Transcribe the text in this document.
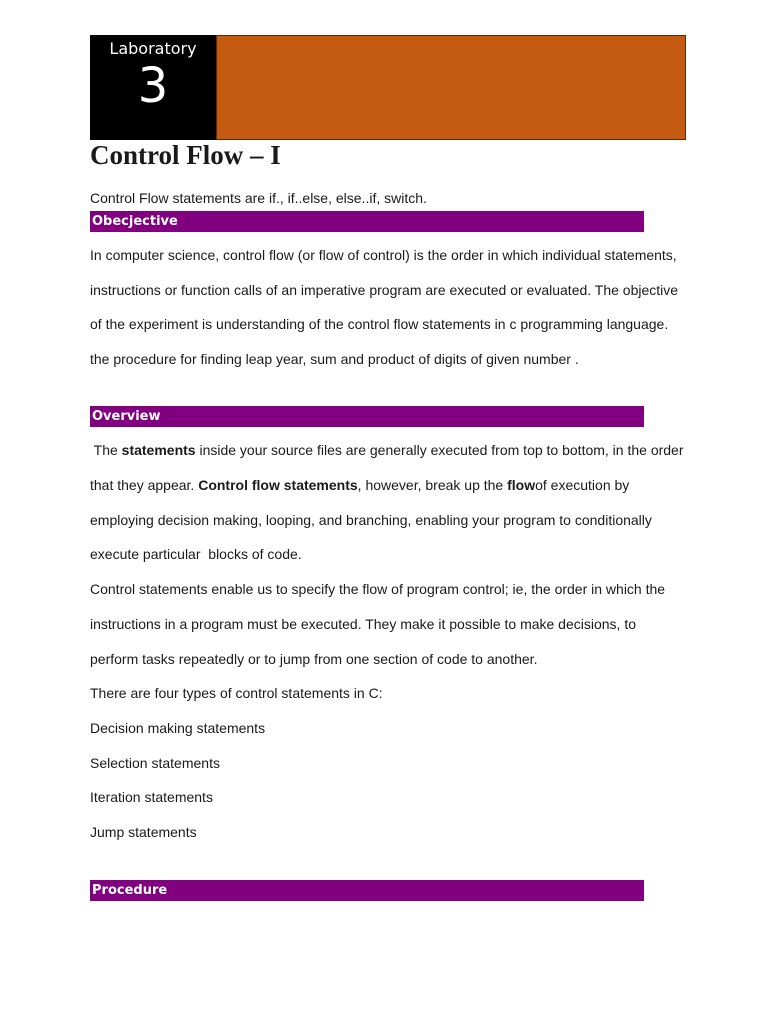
Laboratory
3
Control Flow – I

Control Flow statements are if., if..else, else..if, switch.

Obecjective

In computer science, control flow (or flow of control) is the order in which individual statements,

instructions or function calls of an imperative program are executed or evaluated. The objective

of the experiment is understanding of the control flow statements in c programming language.

the procedure for finding leap year, sum and product of digits of given number .

Overview

The statements inside your source files are generally executed from top to bottom, in the order

that they appear. Control flow statements, however, break up the flowof execution by

employing decision making, looping, and branching, enabling your program to conditionally

execute particular  blocks of code.

Control statements enable us to specify the flow of program control; ie, the order in which the

instructions in a program must be executed. They make it possible to make decisions, to

perform tasks repeatedly or to jump from one section of code to another.

There are four types of control statements in C:

Decision making statements

Selection statements

Iteration statements

Jump statements

Procedure
